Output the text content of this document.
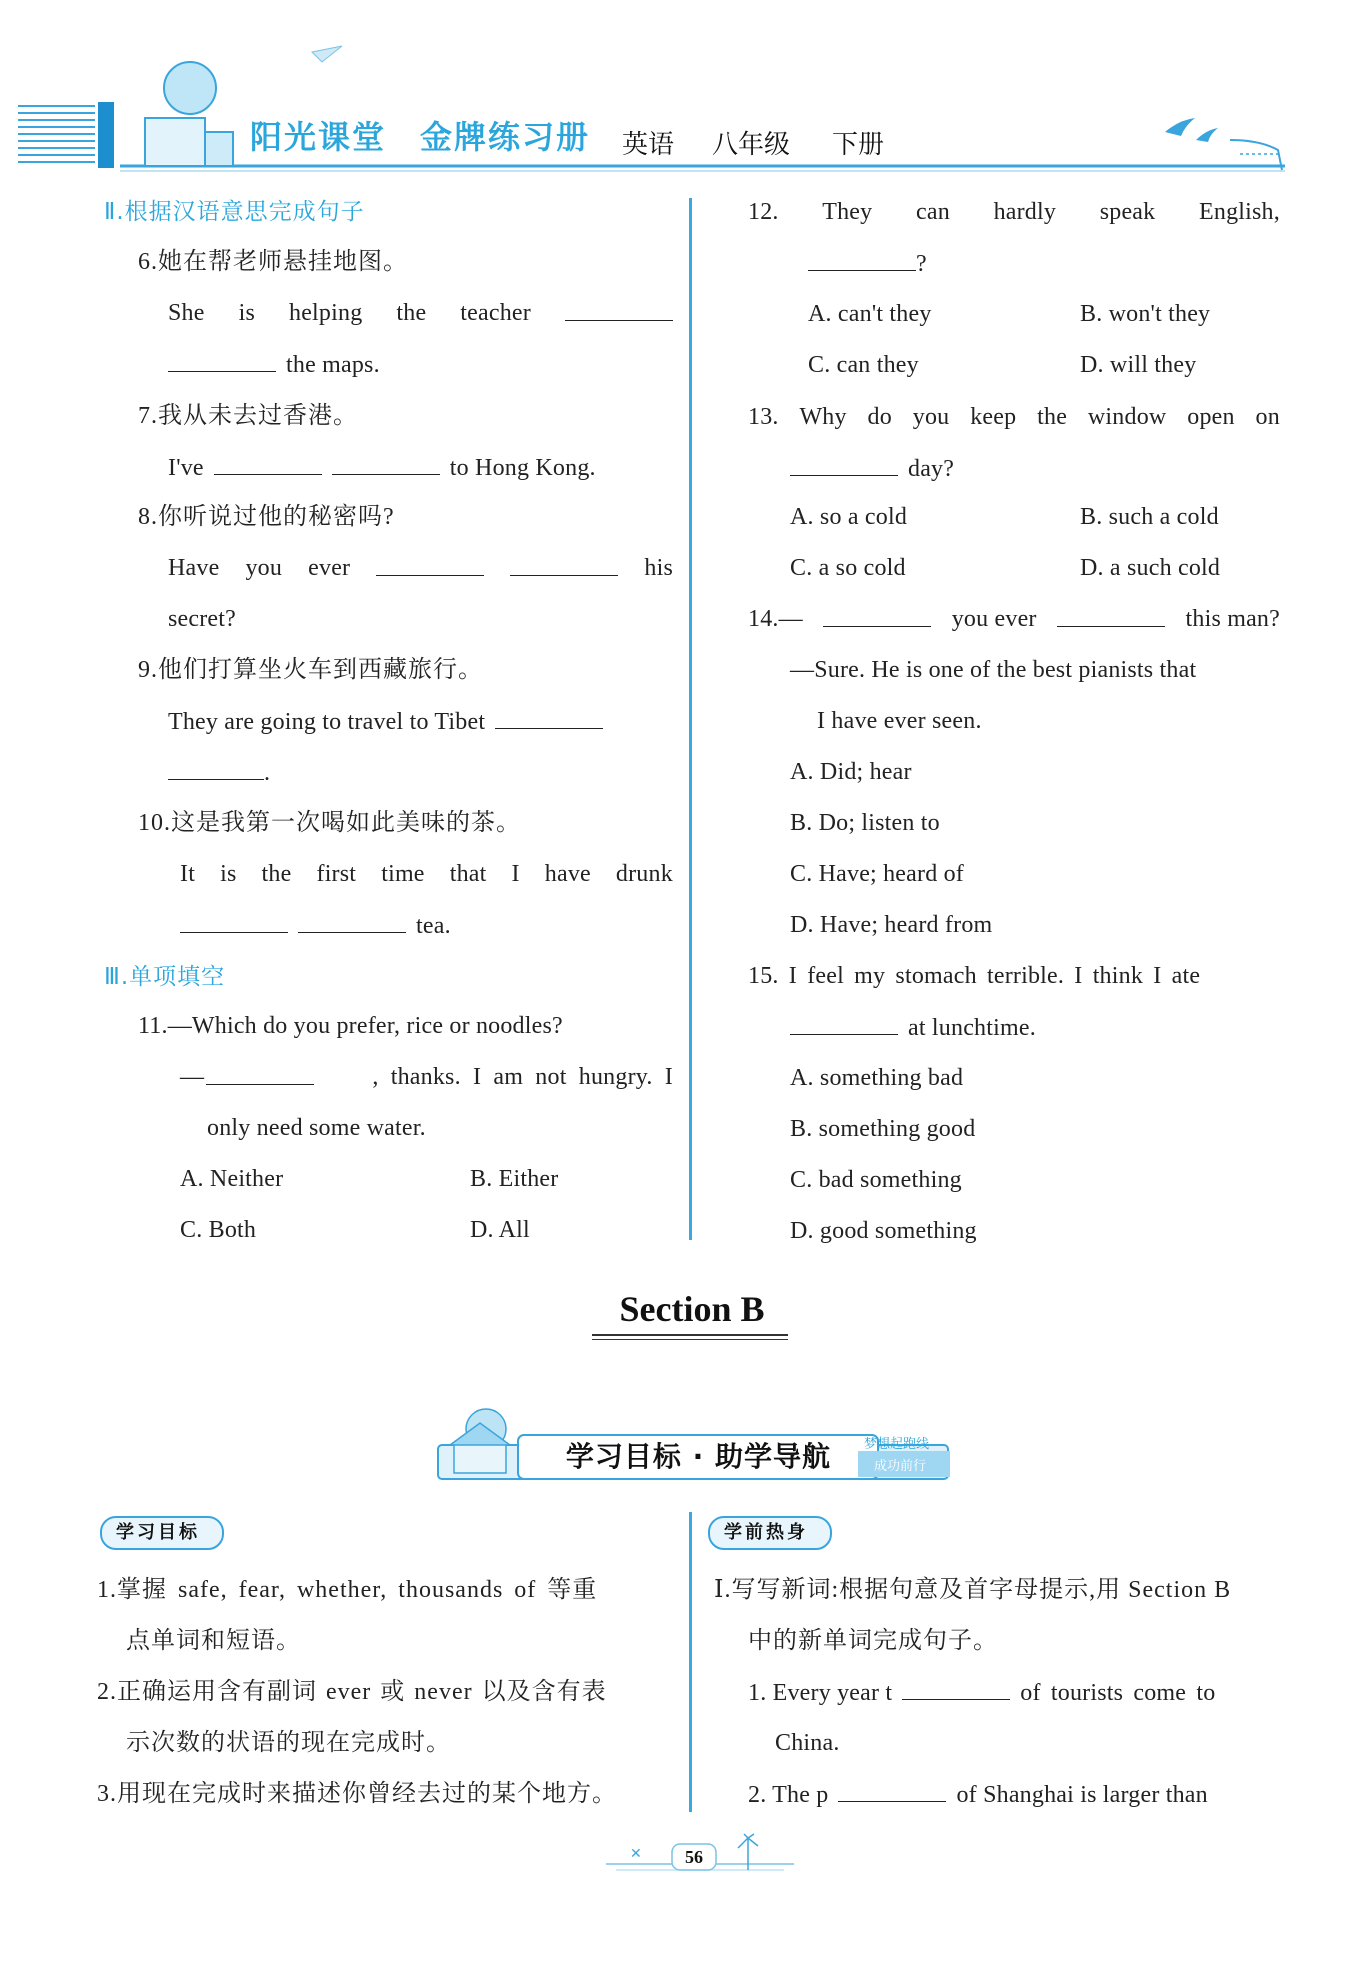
阳光课堂 金牌练习册 英语 八年级 下册
Ⅱ.根据汉语意思完成句子
6.她在帮老师悬挂地图。
She is helping the teacher
the maps.
7.我从未去过香港。
I've	to Hong Kong.
8.你听说过他的秘密吗?
Have you ever	his
secret?
9.他们打算坐火车到西藏旅行。
They are going to travel to Tibet
.
10.这是我第一次喝如此美味的茶。
It is the first time that I have drunk
tea.
Ⅲ.单项填空
11.—Which do you prefer, rice or noodles?
—	, thanks. I am not hungry. I
only need some water.
A. Neither	B. Either
C. Both	D. All
12. They can hardly speak English,
?
A. can't they	B. won't they
C. can they	D. will they
13. Why do you keep the window open on
day?
A. so a cold	B. such a cold
C. a so cold	D. a such cold
14.—	you ever	this man?
—Sure. He is one of the best pianists that
I have ever seen.
A. Did; hear
B. Do; listen to
C. Have; heard of
D. Have; heard from
15. I feel my stomach terrible. I think I ate
at lunchtime.
A. something bad
B. something good
C. bad something
D. good something
Section B
学习目标 · 助学导航	梦想起跑线
成功前行
学习目标
1.掌握 safe, fear, whether, thousands of 等重
点单词和短语。
2.正确运用含有副词 ever 或 never 以及含有表
示次数的状语的现在完成时。
3.用现在完成时来描述你曾经去过的某个地方。
学前热身
Ⅰ.写写新词:根据句意及首字母提示,用 Section B
中的新单词完成句子。
1. Every year t	of tourists come to
China.
2. The p	of Shanghai is larger than
✕	56
